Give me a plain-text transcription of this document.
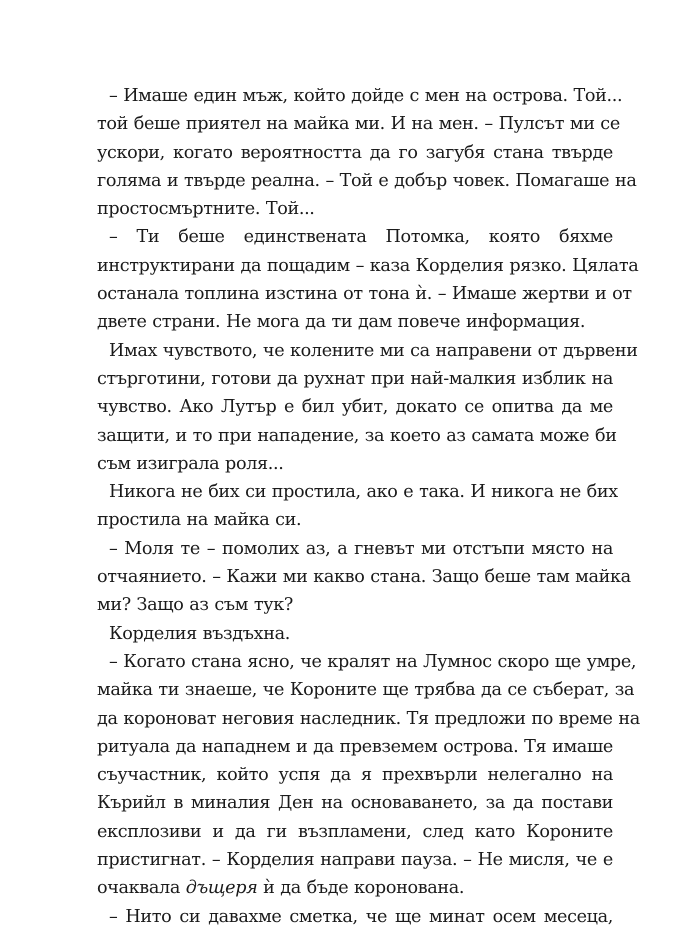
– Имаше един мъж, който дойде с мен на острова. Той...
той беше приятел на майка ми. И на мен. – Пулсът ми се
ускори, когато вероятността да го загубя стана твърде
голяма и твърде реална. – Той е добър човек. Помагаше на
простосмъртните. Той...

– Ти беше единствената Потомка, която бяхме
инструктирани да пощадим – каза Корделия рязко. Цялата
останала топлина изстина от тона ѝ. – Имаше жертви и от
двете страни. Не мога да ти дам повече информация.

Имах чувството, че колените ми са направени от дървени
стърготини, готови да рухнат при най-малкия изблик на
чувство. Ако Лутър е бил убит, докато се опитва да ме
защити, и то при нападение, за което аз самата може би
съм изиграла роля...

Никога не бих си простила, ако е така. И никога не бих
простила на майка си.

– Моля те – помолих аз, а гневът ми отстъпи място на
отчаянието. – Кажи ми какво стана. Защо беше там майка
ми? Защо аз съм тук?

Корделия въздъхна.

– Когато стана ясно, че кралят на Лумнос скоро ще умре,
майка ти знаеше, че Короните ще трябва да се съберат, за
да короноват неговия наследник. Тя предложи по време на
ритуала да нападнем и да превземем острова. Тя имаше
съучастник, който успя да я прехвърли нелегално на
Кърийл в миналия Ден на основаването, за да постави
експлозиви и да ги възпламени, след като Короните
пристигнат. – Корделия направи пауза. – Не мисля, че е
очаквала дъщеря ѝ да бъде коронована.

– Нито си давахме сметка, че ще минат осем месеца,
